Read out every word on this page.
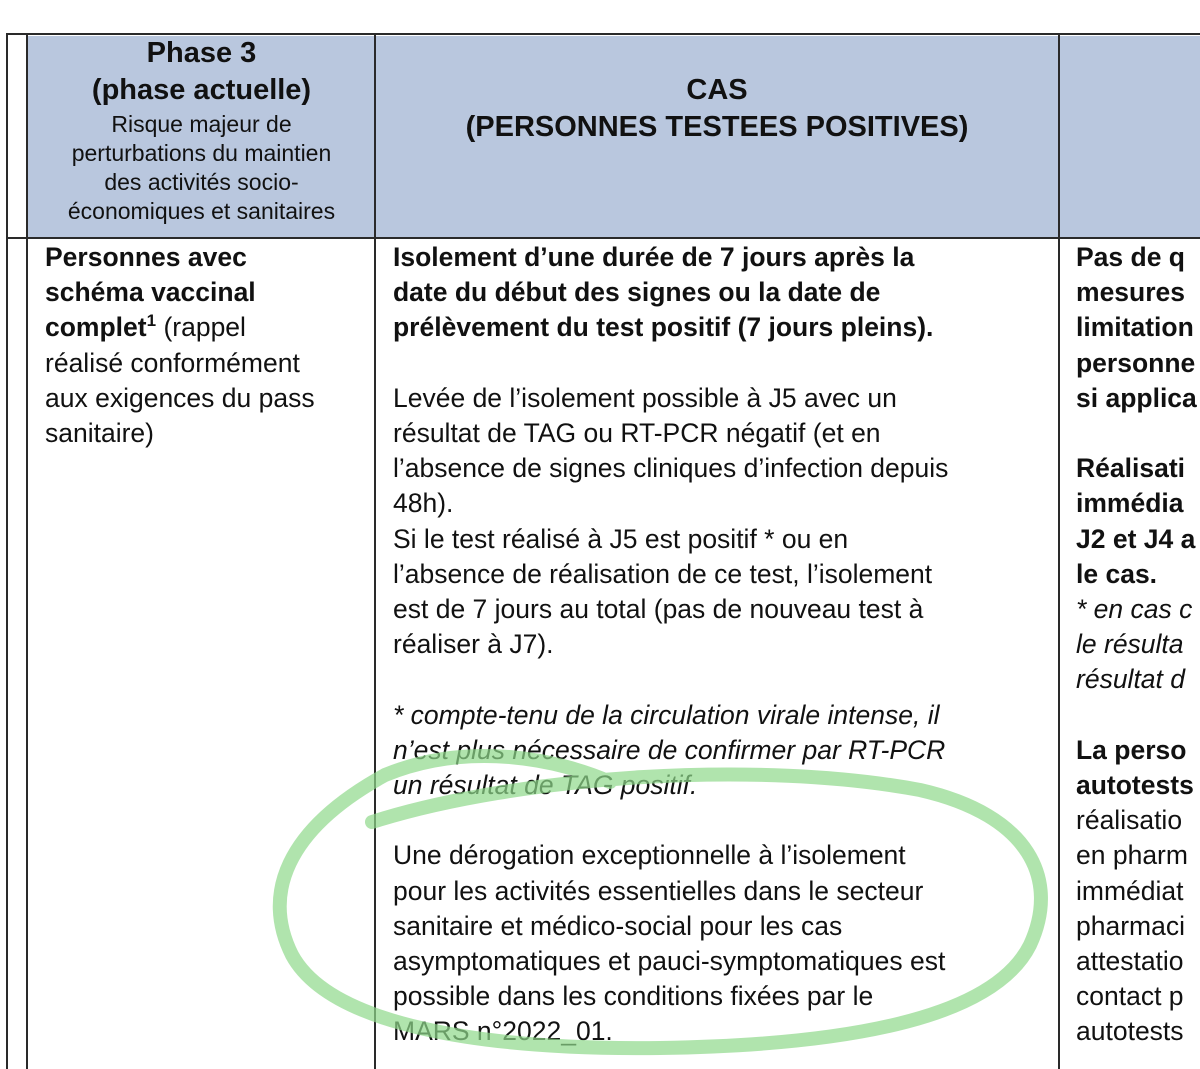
Phase 3
(phase actuelle)
Risque majeur de
perturbations du maintien
des activités socio-
économiques et sanitaires
CAS
(PERSONNES TESTEES POSITIVES)
Personnes avec
schéma vaccinal
complet$^1$ (rappel
réalisé conformément
aux exigences du pass
sanitaire)
Isolement d’une durée de 7 jours après la
date du début des signes ou la date de
prélèvement du test positif (7 jours pleins).
Levée de l’isolement possible à J5 avec un
résultat de TAG ou RT-PCR négatif (et en
l’absence de signes cliniques d’infection depuis
48h).
Si le test réalisé à J5 est positif * ou en
l’absence de réalisation de ce test, l’isolement
est de 7 jours au total (pas de nouveau test à
réaliser à J7).
* compte-tenu de la circulation virale intense, il
n’est plus nécessaire de confirmer par RT-PCR
un résultat de TAG positif.
Une dérogation exceptionnelle à l’isolement
pour les activités essentielles dans le secteur
sanitaire et médico-social pour les cas
asymptomatiques et pauci-symptomatiques est
possible dans les conditions fixées par le
MARS n°2022_01.
Pas de q
mesures
limitation
personne
si applica
Réalisati
immédia
J2 et J4 a
le cas.
* en cas c
le résulta
résultat d
La perso
autotests
réalisatio
en pharm
immédiat
pharmaci
attestatio
contact p
autotests
